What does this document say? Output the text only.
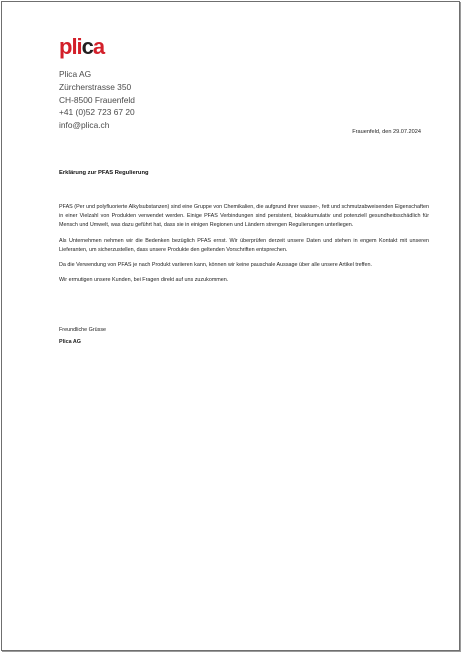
plica
Plica AG
Zürcherstrasse 350
CH-8500 Frauenfeld
+41 (0)52 723 67 20
info@plica.ch
Frauenfeld, den 29.07.2024
Erklärung zur PFAS Regulierung

PFAS (Per und polyfluorierte Alkylsubstanzen) sind eine Gruppe von Chemikalien, die aufgrund ihrer wasser-, fett und schmutzabweisenden Eigenschaften in einer Vielzahl von Produkten verwendet werden. Einige PFAS Verbindungen sind persistent, bioakkumulativ und potenziell gesundheitsschädlich für Mensch und Umwelt, was dazu geführt hat, dass sie in einigen Regionen und Ländern strengen Regulierungen unterliegen.

Als Unternehmen nehmen wir die Bedenken bezüglich PFAS ernst. Wir überprüfen derzeit unsere Daten und stehen in engem Kontakt mit unseren Lieferanten, um sicherzustellen, dass unsere Produkte den geltenden Vorschriften entsprechen.

Da die Verwendung von PFAS je nach Produkt variieren kann, können wir keine pauschale Aussage über alle unsere Artikel treffen.

Wir ermutigen unsere Kunden, bei Fragen direkt auf uns zuzukommen.

Freundliche Grüsse
Plica AG
